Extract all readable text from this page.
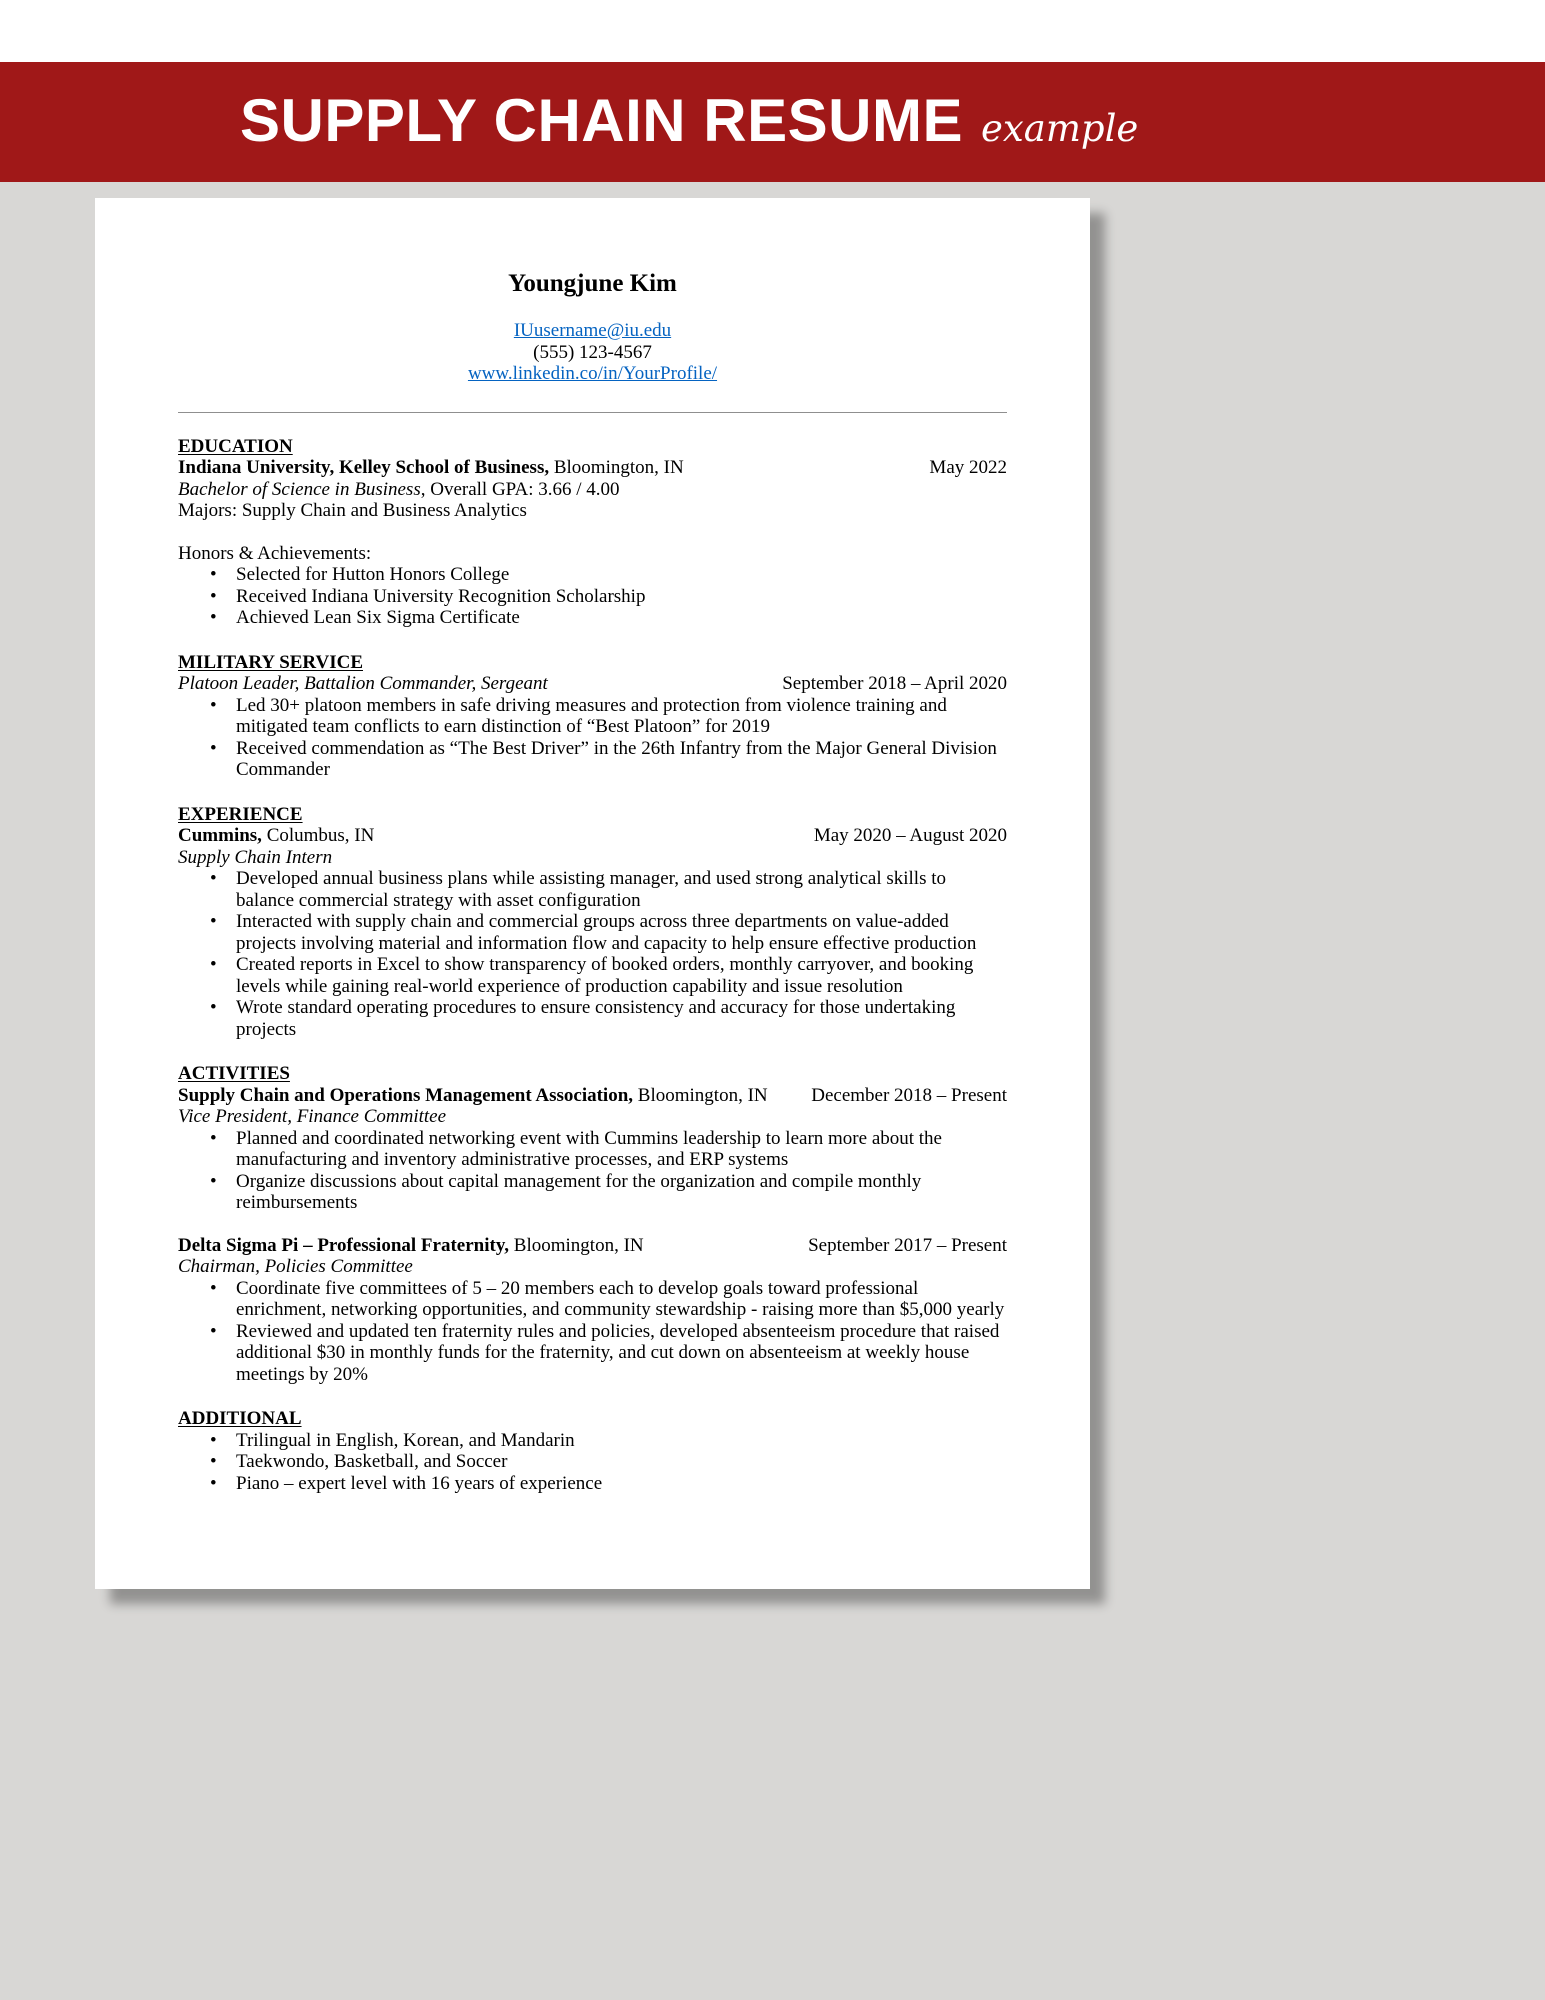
SUPPLY CHAIN RESUME example
Youngjune Kim
IUusername@iu.edu
(555) 123-4567
www.linkedin.co/in/YourProfile/
EDUCATION
Indiana University, Kelley School of Business, Bloomington, IN	May 2022
Bachelor of Science in Business, Overall GPA: 3.66 / 4.00
Majors: Supply Chain and Business Analytics
Honors & Achievements:
• Selected for Hutton Honors College
• Received Indiana University Recognition Scholarship
• Achieved Lean Six Sigma Certificate
MILITARY SERVICE
Platoon Leader, Battalion Commander, Sergeant	September 2018 – April 2020
• Led 30+ platoon members in safe driving measures and protection from violence training and mitigated team conflicts to earn distinction of “Best Platoon” for 2019
• Received commendation as “The Best Driver” in the 26th Infantry from the Major General Division Commander
EXPERIENCE
Cummins, Columbus, IN	May 2020 – August 2020
Supply Chain Intern
• Developed annual business plans while assisting manager, and used strong analytical skills to balance commercial strategy with asset configuration
• Interacted with supply chain and commercial groups across three departments on value-added projects involving material and information flow and capacity to help ensure effective production
• Created reports in Excel to show transparency of booked orders, monthly carryover, and booking levels while gaining real-world experience of production capability and issue resolution
• Wrote standard operating procedures to ensure consistency and accuracy for those undertaking projects
ACTIVITIES
Supply Chain and Operations Management Association, Bloomington, IN	December 2018 – Present
Vice President, Finance Committee
• Planned and coordinated networking event with Cummins leadership to learn more about the manufacturing and inventory administrative processes, and ERP systems
• Organize discussions about capital management for the organization and compile monthly reimbursements
Delta Sigma Pi – Professional Fraternity, Bloomington, IN	September 2017 – Present
Chairman, Policies Committee
• Coordinate five committees of 5 – 20 members each to develop goals toward professional enrichment, networking opportunities, and community stewardship - raising more than $5,000 yearly
• Reviewed and updated ten fraternity rules and policies, developed absenteeism procedure that raised additional $30 in monthly funds for the fraternity, and cut down on absenteeism at weekly house meetings by 20%
ADDITIONAL
• Trilingual in English, Korean, and Mandarin
• Taekwondo, Basketball, and Soccer
• Piano – expert level with 16 years of experience
